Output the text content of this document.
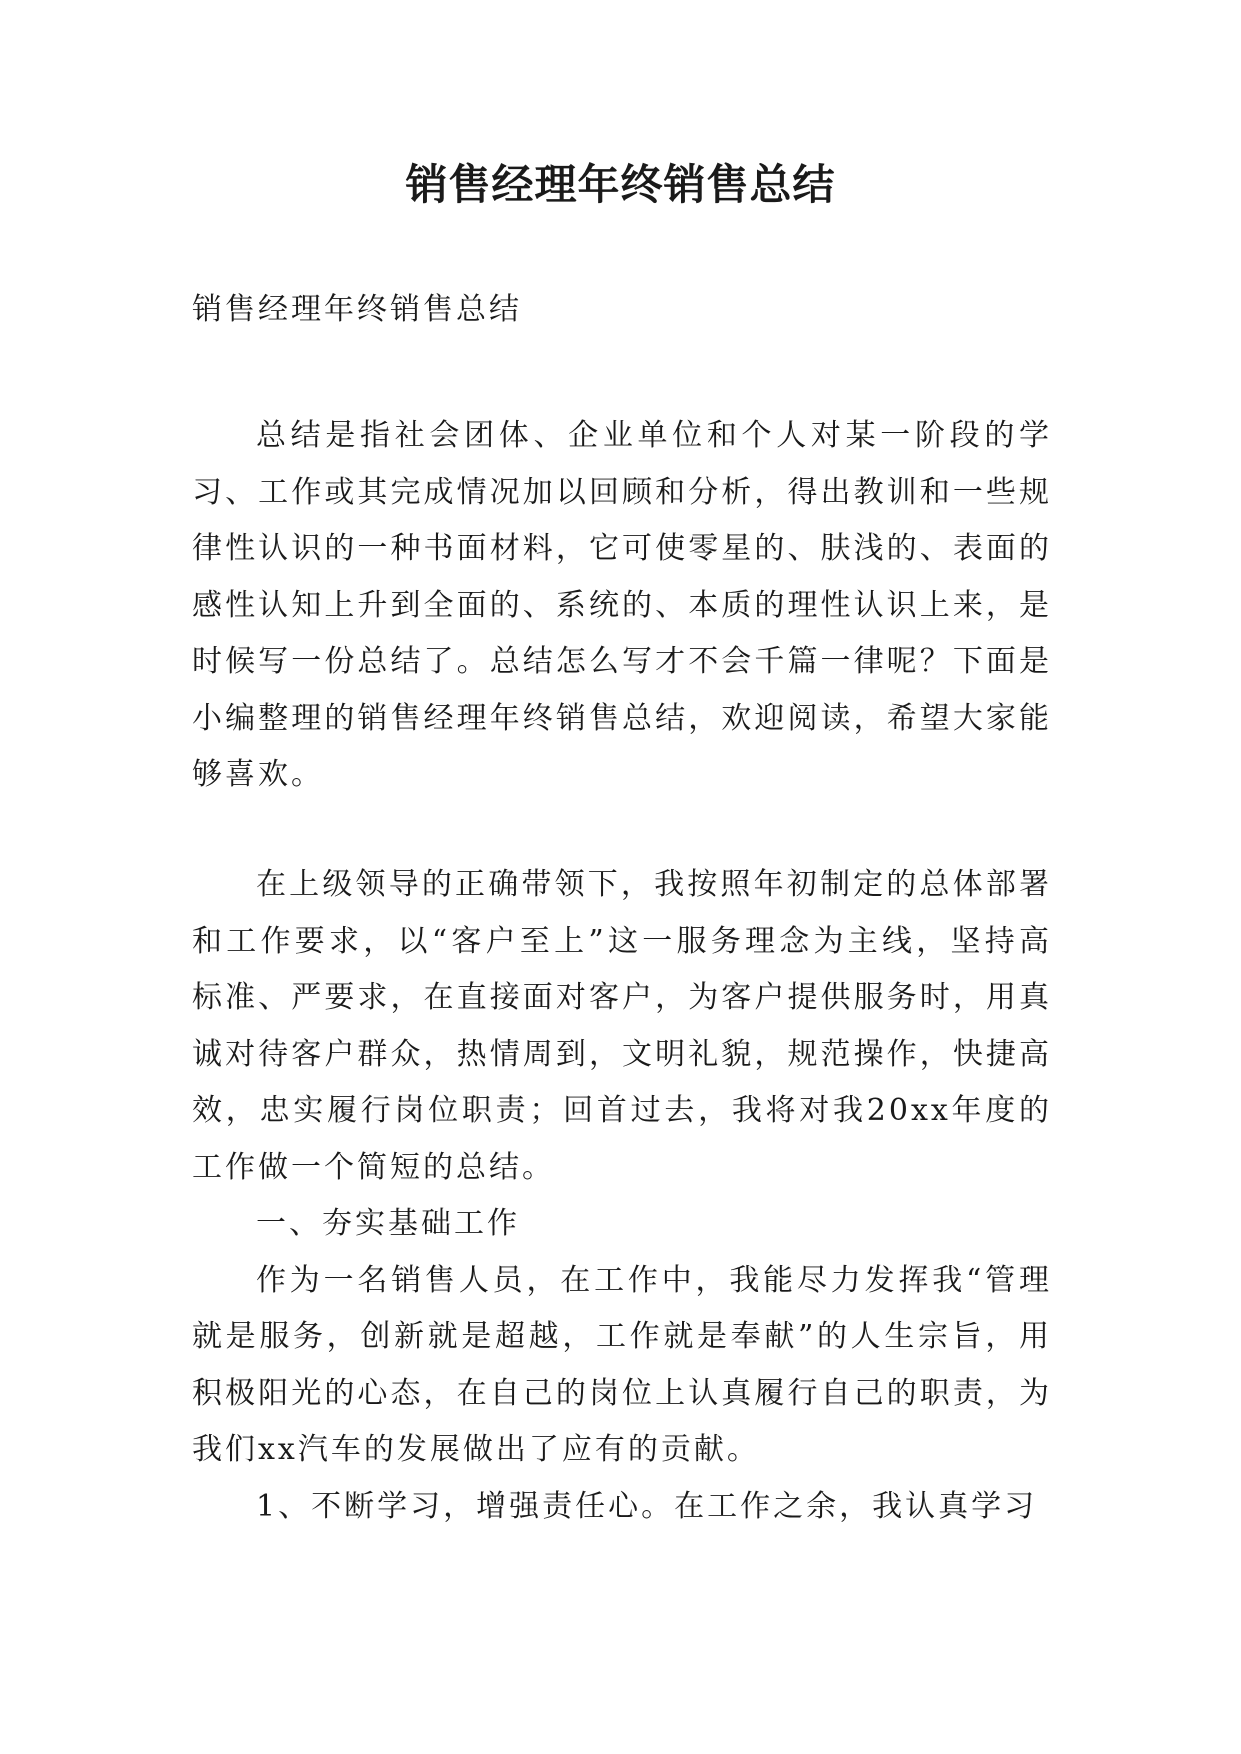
销售经理年终销售总结

销售经理年终销售总结

总结是指社会团体、企业单位和个人对某一阶段的学习、工作或其完成情况加以回顾和分析，得出教训和一些规律性认识的一种书面材料，它可使零星的、肤浅的、表面的感性认知上升到全面的、系统的、本质的理性认识上来，是时候写一份总结了。总结怎么写才不会千篇一律呢？下面是小编整理的销售经理年终销售总结，欢迎阅读，希望大家能够喜欢。

在上级领导的正确带领下，我按照年初制定的总体部署和工作要求，以“客户至上”这一服务理念为主线，坚持高标准、严要求，在直接面对客户，为客户提供服务时，用真诚对待客户群众，热情周到，文明礼貌，规范操作，快捷高效，忠实履行岗位职责；回首过去，我将对我20xx年度的工作做一个简短的总结。

一、夯实基础工作

作为一名销售人员，在工作中，我能尽力发挥我“管理就是服务，创新就是超越，工作就是奉献”的人生宗旨，用积极阳光的心态，在自己的岗位上认真履行自己的职责，为我们xx汽车的发展做出了应有的贡献。

1、不断学习，增强责任心。在工作之余，我认真学习
